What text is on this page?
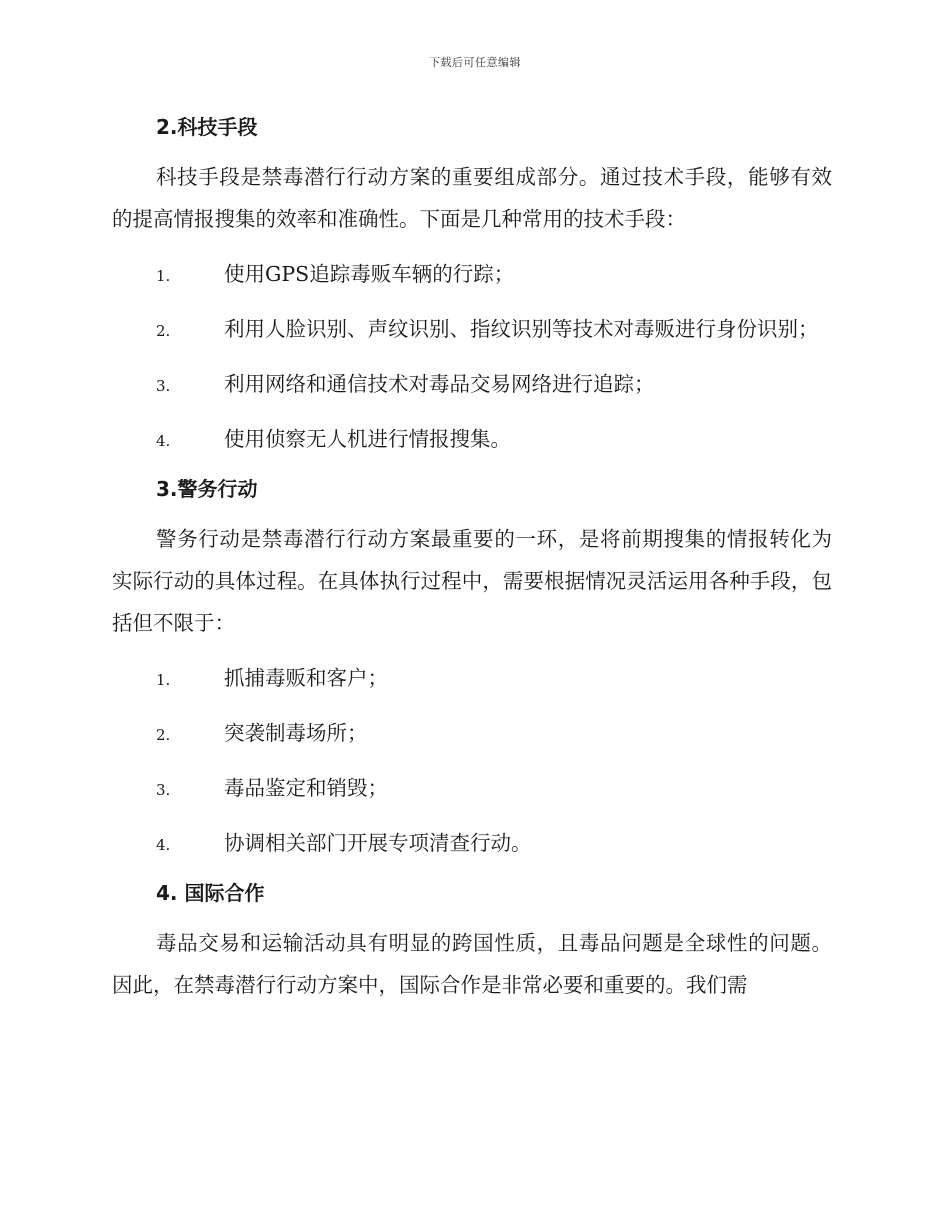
下载后可任意编辑
2.科技手段

科技手段是禁毒潜行行动方案的重要组成部分。通过技术手段，能够有效的提高情报搜集的效率和准确性。下面是几种常用的技术手段：

1.	使用GPS追踪毒贩车辆的行踪；
2.	利用人脸识别、声纹识别、指纹识别等技术对毒贩进行身份识别；
3.	利用网络和通信技术对毒品交易网络进行追踪；
4.	使用侦察无人机进行情报搜集。
3.警务行动

警务行动是禁毒潜行行动方案最重要的一环，是将前期搜集的情报转化为实际行动的具体过程。在具体执行过程中，需要根据情况灵活运用各种手段，包括但不限于：

1.	抓捕毒贩和客户；
2.	突袭制毒场所；
3.	毒品鉴定和销毁；
4.	协调相关部门开展专项清查行动。
4. 国际合作

毒品交易和运输活动具有明显的跨国性质，且毒品问题是全球性的问题。因此，在禁毒潜行行动方案中，国际合作是非常必要和重要的。我们需
